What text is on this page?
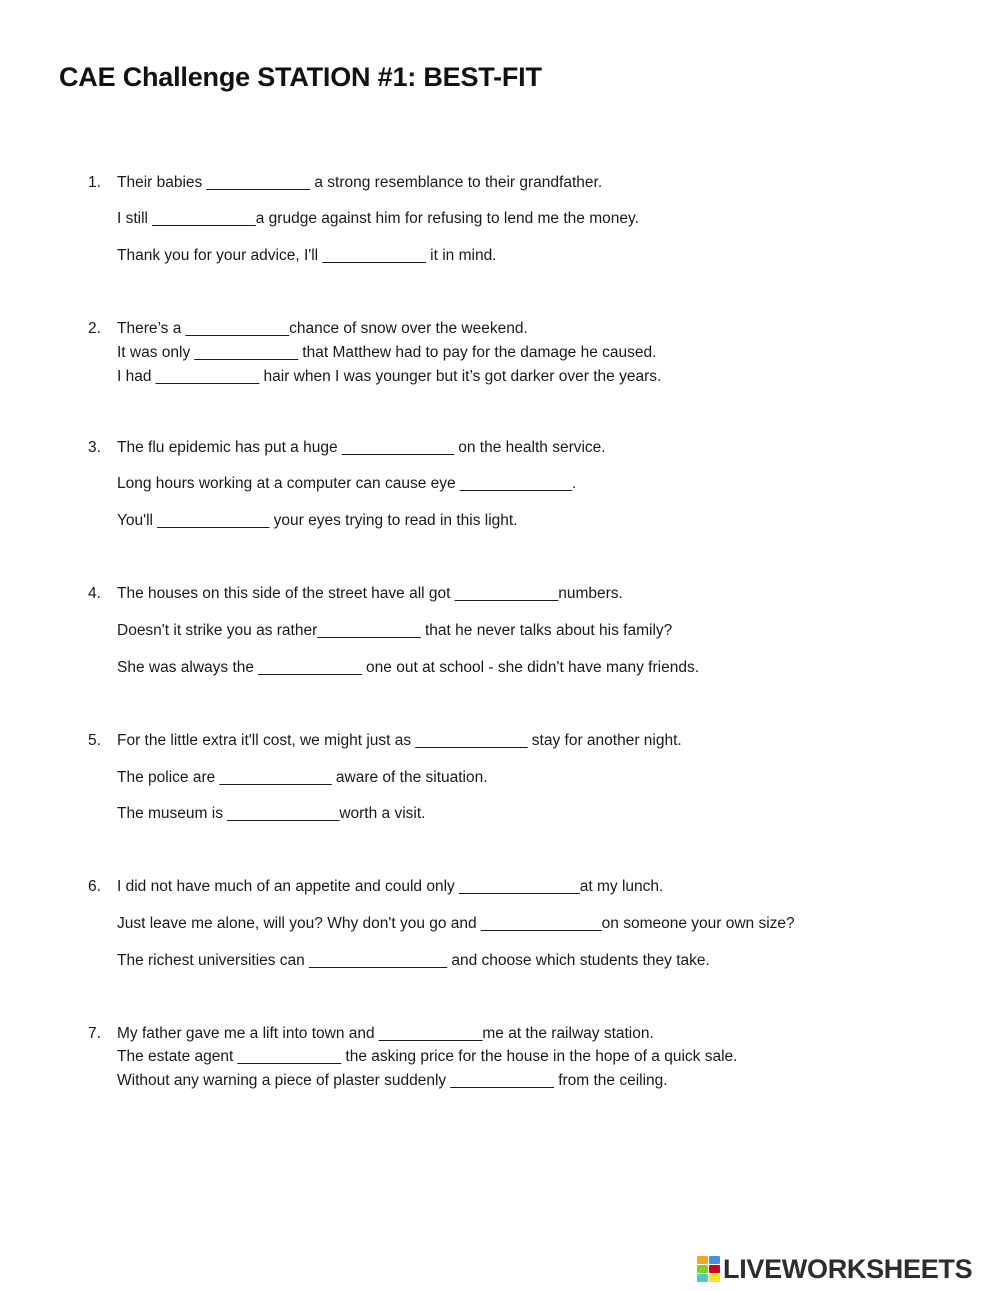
CAE Challenge STATION #1: BEST-FIT
1. Their babies ____________ a strong resemblance to their grandfather.
I still ____________a grudge against him for refusing to lend me the money.
Thank you for your advice, I'll ____________ it in mind.
2. There’s a ____________chance of snow over the weekend.
It was only ____________ that Matthew had to pay for the damage he caused.
I had ____________ hair when I was younger but it’s got darker over the years.
3. The flu epidemic has put a huge _____________ on the health service.
Long hours working at a computer can cause eye _____________.
You'll _____________ your eyes trying to read in this light.
4. The houses on this side of the street have all got ____________numbers.
Doesn't it strike you as rather____________ that he never talks about his family?
She was always the ____________ one out at school - she didn't have many friends.
5. For the little extra it'll cost, we might just as _____________ stay for another night.
The police are _____________ aware of the situation.
The museum is _____________worth a visit.
6. I did not have much of an appetite and could only ______________at my lunch.
Just leave me alone, will you? Why don't you go and ______________on someone your own size?
The richest universities can ________________ and choose which students they take.
7. My father gave me a lift into town and ____________me at the railway station.
The estate agent ____________ the asking price for the house in the hope of a quick sale.
Without any warning a piece of plaster suddenly ____________ from the ceiling.
LIVEWORKSHEETS
